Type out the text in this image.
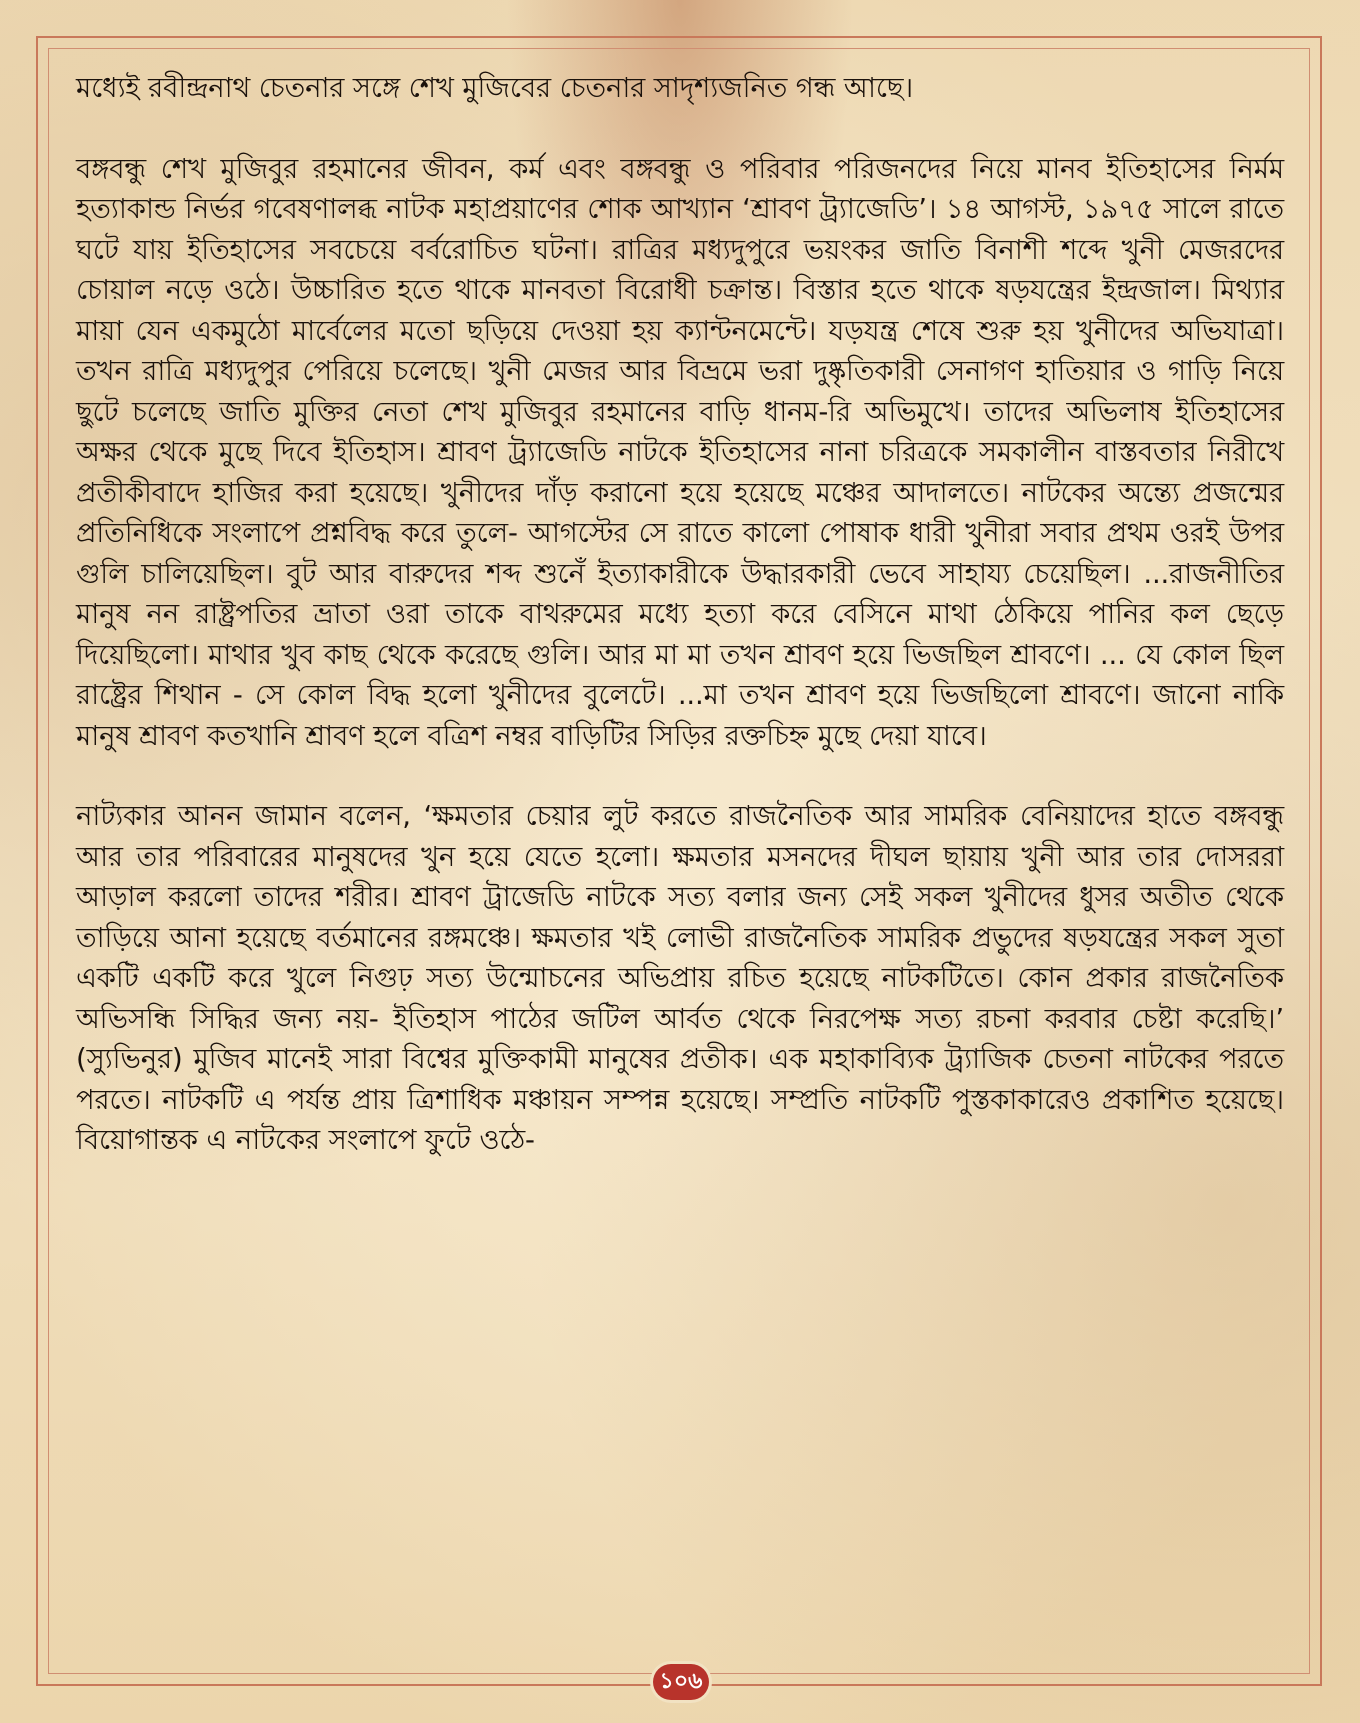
মধ্যেই রবীন্দ্রনাথ চেতনার সঙ্গে শেখ মুজিবের চেতনার সাদৃশ্যজনিত গন্ধ আছে।

বঙ্গবন্ধু শেখ মুজিবুর রহমানের জীবন, কর্ম এবং বঙ্গবন্ধু ও পরিবার পরিজনদের নিয়ে মানব ইতিহাসের নির্মম হত্যাকান্ড নির্ভর গবেষণালব্ধ নাটক মহাপ্রয়াণের শোক আখ্যান ‘শ্রাবণ ট্র্যাজেডি’। ১৪ আগস্ট, ১৯৭৫ সালে রাতে ঘটে যায় ইতিহাসের সবচেয়ে বর্বরোচিত ঘটনা। রাত্রির মধ্যদুপুরে ভয়ংকর জাতি বিনাশী শব্দে খুনী মেজরদের চোয়াল নড়ে ওঠে। উচ্চারিত হতে থাকে মানবতা বিরোধী চক্রান্ত। বিস্তার হতে থাকে ষড়যন্ত্রের ইন্দ্রজাল। মিথ্যার মায়া যেন একমুঠো মার্বেলের মতো ছড়িয়ে দেওয়া হয় ক্যান্টনমেন্টে। যড়যন্ত্র শেষে শুরু হয় খুনীদের অভিযাত্রা। তখন রাত্রি মধ্যদুপুর পেরিয়ে চলেছে। খুনী মেজর আর বিভ্রমে ভরা দুষ্কৃতিকারী সেনাগণ হাতিয়ার ও গাড়ি নিয়ে ছুটে চলেছে জাতি মুক্তির নেতা শেখ মুজিবুর রহমানের বাড়ি ধানম-রি অভিমুখে। তাদের অভিলাষ ইতিহাসের অক্ষর থেকে মুছে দিবে ইতিহাস। শ্রাবণ ট্র্যাজেডি নাটকে ইতিহাসের নানা চরিত্রকে সমকালীন বাস্তবতার নিরীখে প্রতীকীবাদে হাজির করা হয়েছে। খুনীদের দাঁড় করানো হয়ে হয়েছে মঞ্চের আদালতে। নাটকের অন্ত্যে প্রজন্মের প্রতিনিধিকে সংলাপে প্রশ্নবিদ্ধ করে তুলে- আগস্টের সে রাতে কালো পোষাক ধারী খুনীরা সবার প্রথম ওরই উপর গুলি চালিয়েছিল। বুট আর বারুদের শব্দ শুনেঁ ইত্যাকারীকে উদ্ধারকারী ভেবে সাহায্য চেয়েছিল। ...রাজনীতির মানুষ নন রাষ্ট্রপতির ভ্রাতা ওরা তাকে বাথরুমের মধ্যে হত্যা করে বেসিনে মাথা ঠেকিয়ে পানির কল ছেড়ে দিয়েছিলো। মাথার খুব কাছ থেকে করেছে গুলি। আর মা মা তখন শ্রাবণ হয়ে ভিজছিল শ্রাবণে। ... যে কোল ছিল রাষ্ট্রের শিথান - সে কোল বিদ্ধ হলো খুনীদের বুলেটে। ...মা তখন শ্রাবণ হয়ে ভিজছিলো শ্রাবণে। জানো নাকি মানুষ শ্রাবণ কতখানি শ্রাবণ হলে বত্রিশ নম্বর বাড়িটির সিড়ির রক্তচিহ্ন মুছে দেয়া যাবে।

নাট্যকার আনন জামান বলেন, ‘ক্ষমতার চেয়ার লুট করতে রাজনৈতিক আর সামরিক বেনিয়াদের হাতে বঙ্গবন্ধু আর তার পরিবারের মানুষদের খুন হয়ে যেতে হলো। ক্ষমতার মসনদের দীঘল ছায়ায় খুনী আর তার দোসররা আড়াল করলো তাদের শরীর। শ্রাবণ ট্রাজেডি নাটকে সত্য বলার জন্য সেই সকল খুনীদের ধুসর অতীত থেকে তাড়িয়ে আনা হয়েছে বর্তমানের রঙ্গমঞ্চে। ক্ষমতার খই লোভী রাজনৈতিক সামরিক প্রভুদের ষড়যন্ত্রের সকল সুতা একটি একটি করে খুলে নিগুঢ় সত্য উন্মোচনের অভিপ্রায় রচিত হয়েছে নাটকটিতে। কোন প্রকার রাজনৈতিক অভিসন্ধি সিদ্ধির জন্য নয়- ইতিহাস পাঠের জটিল আর্বত থেকে নিরপেক্ষ সত্য রচনা করবার চেষ্টা করেছি।’ (স্যুভিনুর) মুজিব মানেই সারা বিশ্বের মুক্তিকামী মানুষের প্রতীক। এক মহাকাব্যিক ট্র্যাজিক চেতনা নাটকের পরতে পরতে। নাটকটি এ পর্যন্ত প্রায় ত্রিশাধিক মঞ্চায়ন সম্পন্ন হয়েছে। সম্প্রতি নাটকটি পুস্তকাকারেও প্রকাশিত হয়েছে। বিয়োগান্তক এ নাটকের সংলাপে ফুটে ওঠে-

১০৬
